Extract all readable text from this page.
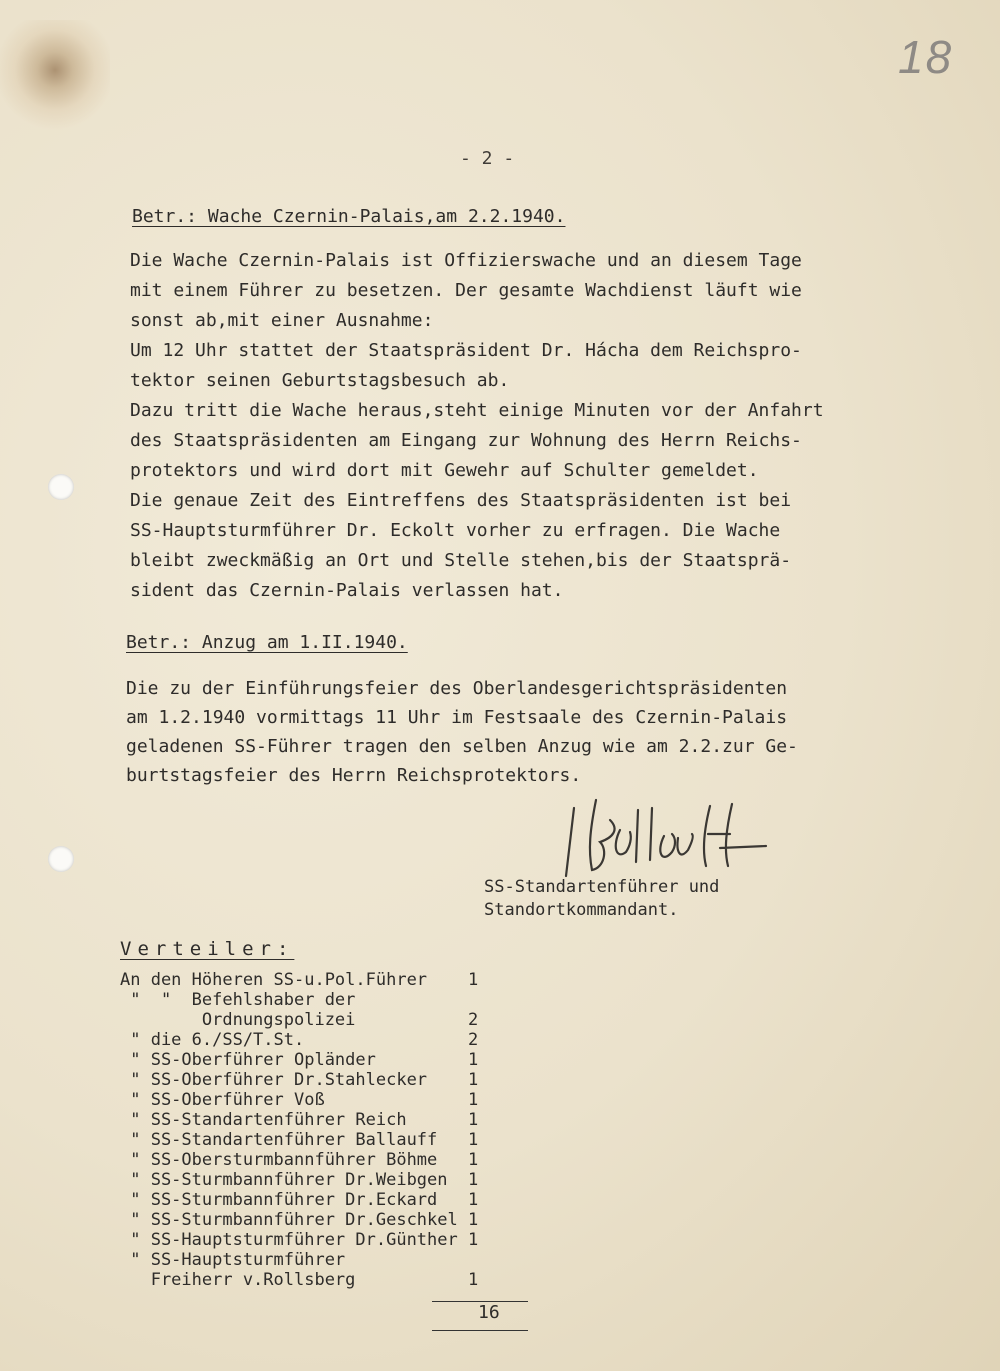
18
- 2 -
Betr.: Wache Czernin-Palais,am 2.2.1940.
Die Wache Czernin-Palais ist Offizierswache und an diesem Tage
mit einem Führer zu besetzen. Der gesamte Wachdienst läuft wie
sonst ab,mit einer Ausnahme:
Um 12 Uhr stattet der Staatspräsident Dr. Hácha dem Reichspro-
tektor seinen Geburtstagsbesuch ab.
Dazu tritt die Wache heraus,steht einige Minuten vor der Anfahrt
des Staatspräsidenten am Eingang zur Wohnung des Herrn Reichs-
protektors und wird dort mit Gewehr auf Schulter gemeldet.
Die genaue Zeit des Eintreffens des Staatspräsidenten ist bei
SS-Hauptsturmführer Dr. Eckolt vorher zu erfragen. Die Wache
bleibt zweckmäßig an Ort und Stelle stehen,bis der Staatsprä-
sident das Czernin-Palais verlassen hat.
Betr.: Anzug am 1.II.1940.
Die zu der Einführungsfeier des Oberlandesgerichtspräsidenten
am 1.2.1940 vormittags 11 Uhr im Festsaale des Czernin-Palais
geladenen SS-Führer tragen den selben Anzug wie am 2.2.zur Ge-
burtstagsfeier des Herrn Reichsprotektors.
SS-Standartenführer und
Standortkommandant.
Verteiler:
An den Höheren SS-u.Pol.Führer 1
"  "  Befehlshaber der
Ordnungspolizei	2
" die 6./SS/T.St.	2
" SS-Oberführer Opländer	1
" SS-Oberführer Dr.Stahlecker 1
" SS-Oberführer Voß	1
" SS-Standartenführer Reich	1
" SS-Standartenführer Ballauff 1
" SS-Obersturmbannführer Böhme 1
" SS-Sturmbannführer Dr.Weibgen 1
" SS-Sturmbannführer Dr.Eckard 1
" SS-Sturmbannführer Dr.Geschkel 1
" SS-Hauptsturmführer Dr.Günther 1
" SS-Hauptsturmführer
Freiherr v.Rollsberg	1
16
